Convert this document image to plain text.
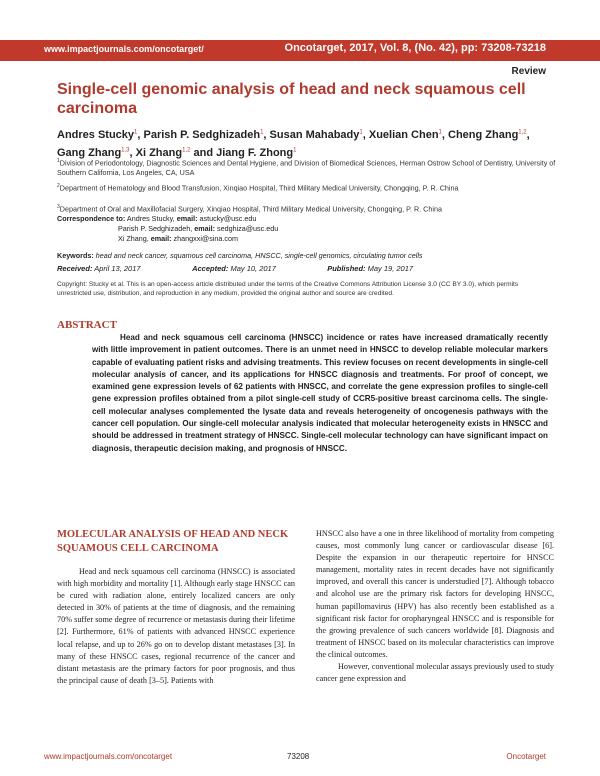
www.impactjournals.com/oncotarget/	Oncotarget, 2017, Vol. 8, (No. 42), pp: 73208-73218
Review
Single-cell genomic analysis of head and neck squamous cell carcinoma
Andres Stucky$^1$, Parish P. Sedghizadeh$^1$, Susan Mahabady$^1$, Xuelian Chen$^1$, Cheng Zhang$^{1,2}$, Gang Zhang$^{1,3}$, Xi Zhang$^{1,2}$ and Jiang F. Zhong$^1$
$^1$Division of Periodontology, Diagnostic Sciences and Dental Hygiene, and Division of Biomedical Sciences, Herman Ostrow School of Dentistry, University of Southern California, Los Angeles, CA, USA
$^2$Department of Hematology and Blood Transfusion, Xinqiao Hospital, Third Military Medical University, Chongqing, P. R. China
$^3$Department of Oral and Maxillofacial Surgery, Xinqiao Hospital, Third Military Medical University, Chongqing, P. R. China
Correspondence to: Andres Stucky, email: astucky@usc.edu
Parish P. Sedghizadeh, email: sedghiza@usc.edu
Xi Zhang, email: zhangxxi@sina.com
Keywords: head and neck cancer, squamous cell carcinoma, HNSCC, single-cell genomics, circulating tumor cells
Received: April 13, 2017	Accepted: May 10, 2017	Published: May 19, 2017
Copyright: Stucky et al. This is an open-access article distributed under the terms of the Creative Commons Attribution License 3.0 (CC BY 3.0), which permits unrestricted use, distribution, and reproduction in any medium, provided the original author and source are credited.
ABSTRACT
Head and neck squamous cell carcinoma (HNSCC) incidence or rates have increased dramatically recently with little improvement in patient outcomes. There is an unmet need in HNSCC to develop reliable molecular markers capable of evaluating patient risks and advising treatments. This review focuses on recent developments in single-cell molecular analysis of cancer, and its applications for HNSCC diagnosis and treatments. For proof of concept, we examined gene expression levels of 62 patients with HNSCC, and correlate the gene expression profiles to single-cell gene expression profiles obtained from a pilot single-cell study of CCR5-positive breast carcinoma cells. The single-cell molecular analyses complemented the lysate data and reveals heterogeneity of oncogenesis pathways with the cancer cell population. Our single-cell molecular analysis indicated that molecular heterogeneity exists in HNSCC and should be addressed in treatment strategy of HNSCC. Single-cell molecular technology can have significant impact on diagnosis, therapeutic decision making, and prognosis of HNSCC.
MOLECULAR ANALYSIS OF HEAD AND NECK SQUAMOUS CELL CARCINOMA

Head and neck squamous cell carcinoma (HNSCC) is associated with high morbidity and mortality [1]. Although early stage HNSCC can be cured with radiation alone, entirely localized cancers are only detected in 30% of patients at the time of diagnosis, and the remaining 70% suffer some degree of recurrence or metastasis during their lifetime [2]. Furthermore, 61% of patients with advanced HNSCC experience local relapse, and up to 26% go on to develop distant metastases [3]. In many of these HNSCC cases, regional recurrence of the cancer and distant metastasis are the primary factors for poor prognosis, and thus the principal cause of death [3–5]. Patients with

HNSCC also have a one in three likelihood of mortality from competing causes, most commonly lung cancer or cardiovascular disease [6]. Despite the expansion in our therapeutic repertoire for HNSCC management, mortality rates in recent decades have not significantly improved, and overall this cancer is understudied [7]. Although tobacco and alcohol use are the primary risk factors for developing HNSCC, human papillomavirus (HPV) has also recently been established as a significant risk factor for oropharyngeal HNSCC and is responsible for the growing prevalence of such cancers worldwide [8]. Diagnosis and treatment of HNSCC based on its molecular characteristics can improve the clinical outcomes.

However, conventional molecular assays previously used to study cancer gene expression and

www.impactjournals.com/oncotarget	73208	Oncotarget
